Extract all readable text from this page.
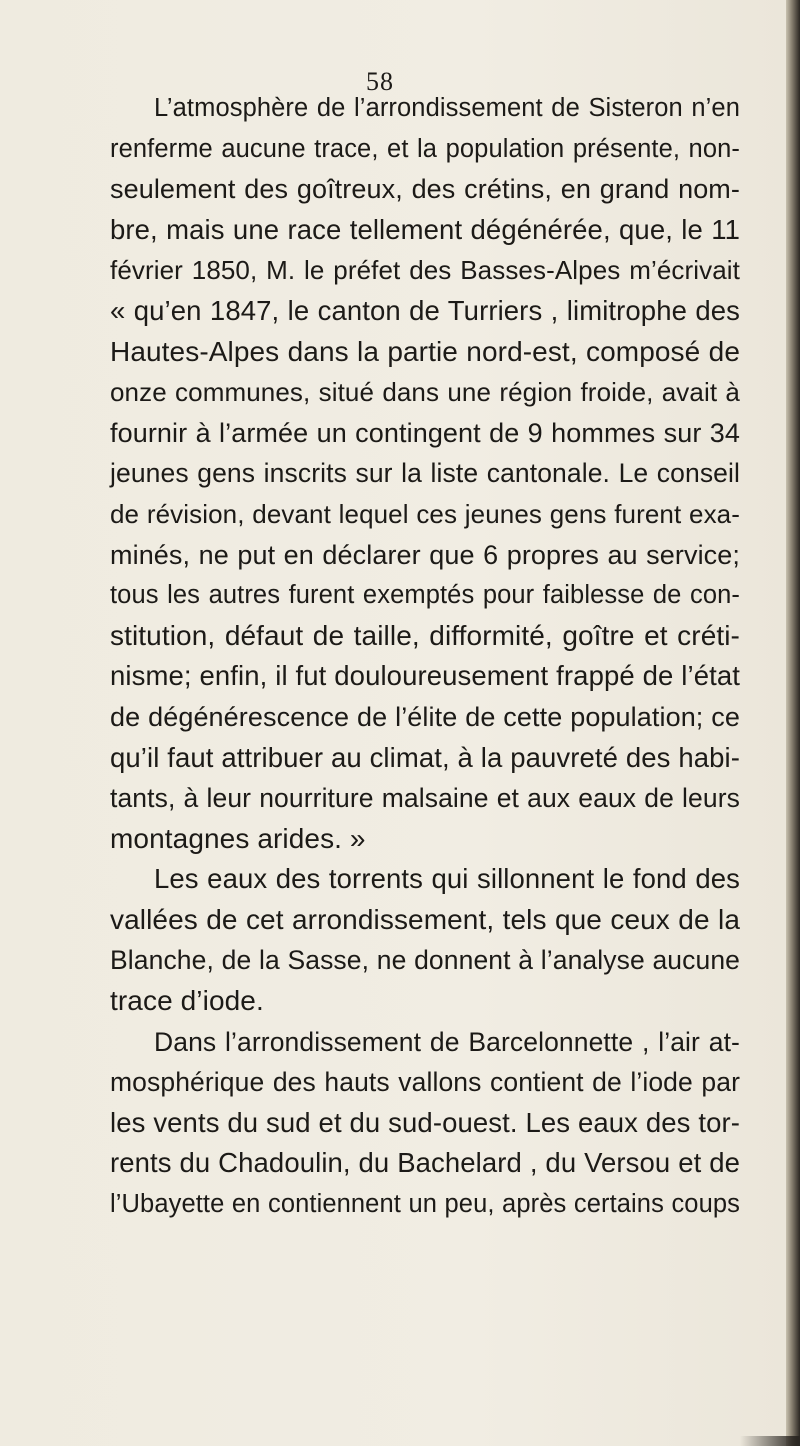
58
L’atmosphère de l’arrondissement de Sisteron n’en
renferme aucune trace, et la population présente, non-
seulement des goîtreux, des crétins, en grand nom-
bre, mais une race tellement dégénérée, que, le 11
février 1850, M. le préfet des Basses-Alpes m’écrivait
« qu’en 1847, le canton de Turriers , limitrophe des
Hautes-Alpes dans la partie nord-est, composé de
onze communes, situé dans une région froide, avait à
fournir à l’armée un contingent de 9 hommes sur 34
jeunes gens inscrits sur la liste cantonale. Le conseil
de révision, devant lequel ces jeunes gens furent exa-
minés, ne put en déclarer que 6 propres au service;
tous les autres furent exemptés pour faiblesse de con-
stitution, défaut de taille, difformité, goître et créti-
nisme; enfin, il fut douloureusement frappé de l’état
de dégénérescence de l’élite de cette population; ce
qu’il faut attribuer au climat, à la pauvreté des habi-
tants, à leur nourriture malsaine et aux eaux de leurs
montagnes arides. »
Les eaux des torrents qui sillonnent le fond des
vallées de cet arrondissement, tels que ceux de la
Blanche, de la Sasse, ne donnent à l’analyse aucune
trace d’iode.
Dans l’arrondissement de Barcelonnette , l’air at-
mosphérique des hauts vallons contient de l’iode par
les vents du sud et du sud-ouest. Les eaux des tor-
rents du Chadoulin, du Bachelard , du Versou et de
l’Ubayette en contiennent un peu, après certains coups
